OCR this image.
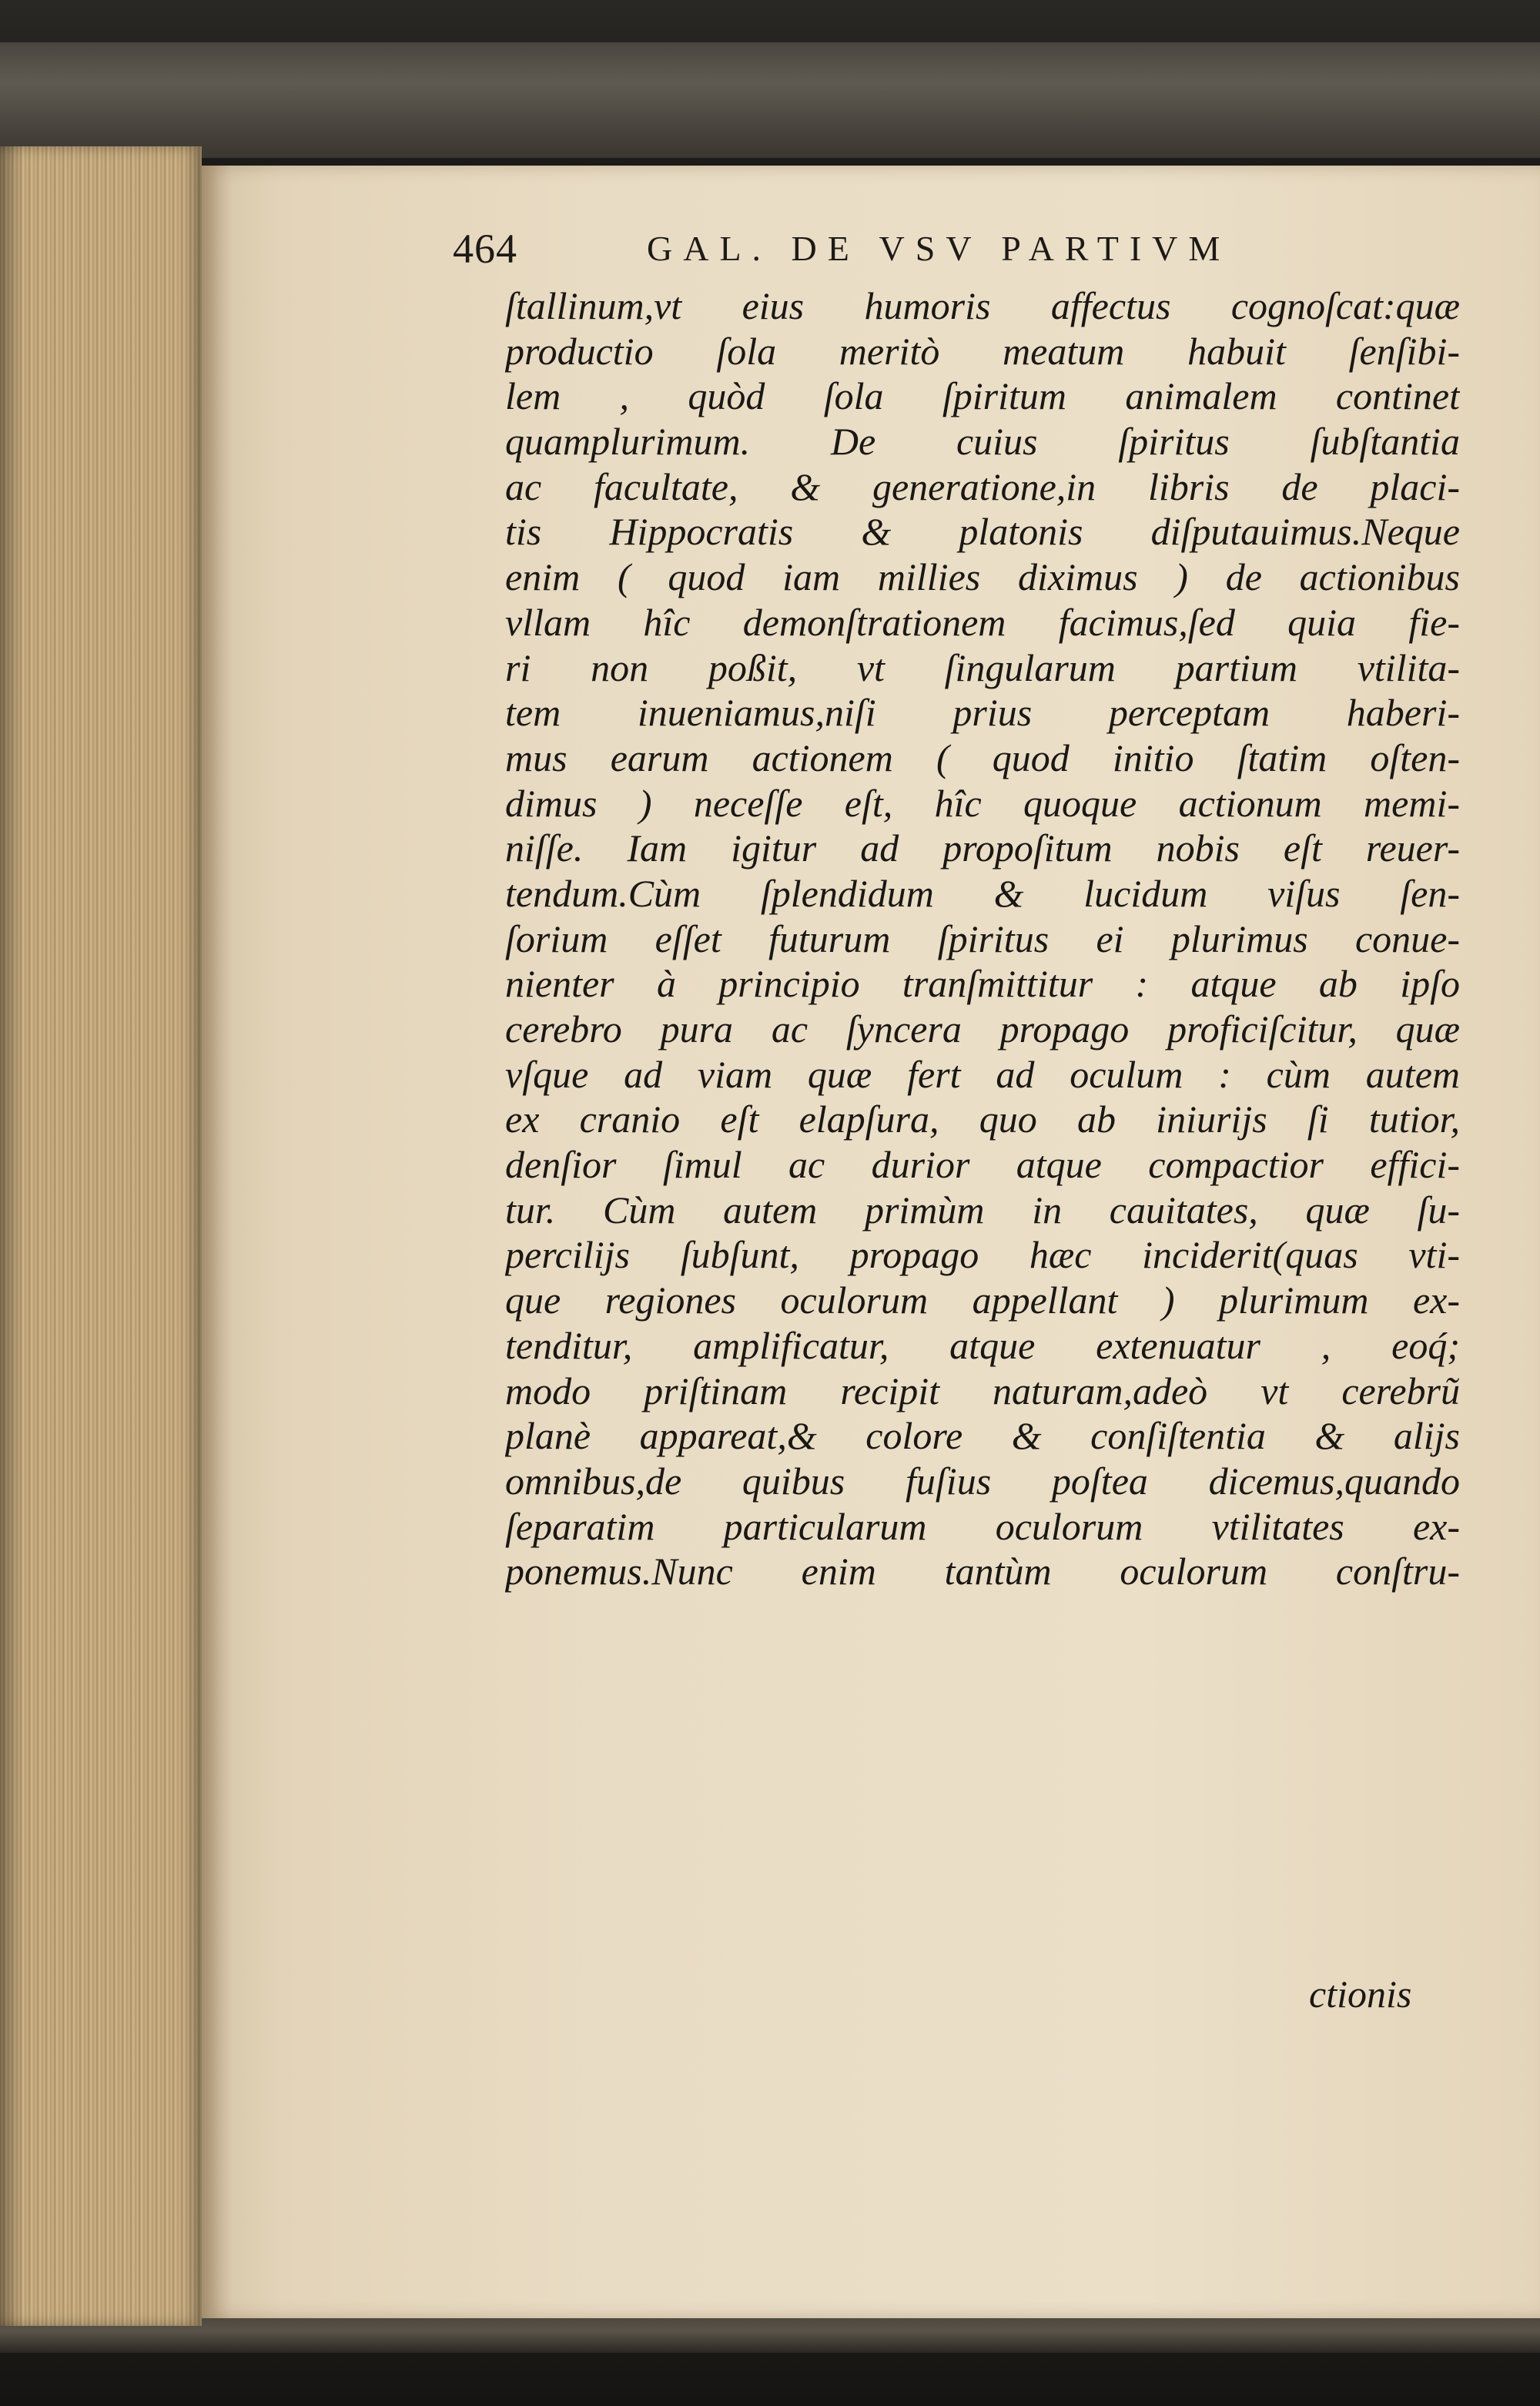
464	GAL. DE VSV PARTIVM
ſtallinum,vt eius humoris affectus cognoſcat:quæ
productio ſola meritò meatum habuit ſenſibi-
lem , quòd ſola ſpiritum animalem continet
quamplurimum. De cuius ſpiritus ſubſtantia
ac facultate, & generatione,in libris de placi-
tis Hippocratis & platonis diſputauimus.Neque
enim ( quod iam millies diximus ) de actionibus
vllam hîc demonſtrationem facimus,ſed quia fie-
ri non poßit, vt ſingularum partium vtilita-
tem inueniamus,niſi prius perceptam haberi-
mus earum actionem ( quod initio ſtatim oſten-
dimus ) neceſſe eſt, hîc quoque actionum memi-
niſſe. Iam igitur ad propoſitum nobis eſt reuer-
tendum.Cùm ſplendidum & lucidum viſus ſen-
ſorium eſſet futurum ſpiritus ei plurimus conue-
nienter à principio tranſmittitur : atque ab ipſo
cerebro pura ac ſyncera propago proficiſcitur, quæ
vſque ad viam quæ fert ad oculum : cùm autem
ex cranio eſt elapſura, quo ab iniurijs ſi tutior,
denſior ſimul ac durior atque compactior effici-
tur. Cùm autem primùm in cauitates, quæ ſu-
percilijs ſubſunt, propago hæc inciderit(quas vti-
que regiones oculorum appellant ) plurimum ex-
tenditur, amplificatur, atque extenuatur , eoq́;
modo priſtinam recipit naturam,adeò vt cerebrũ
planè appareat,& colore & conſiſtentia & alijs
omnibus,de quibus fuſius poſtea dicemus,quando
ſeparatim particularum oculorum vtilitates ex-
ponemus.Nunc enim tantùm oculorum conſtru-
ctionis
